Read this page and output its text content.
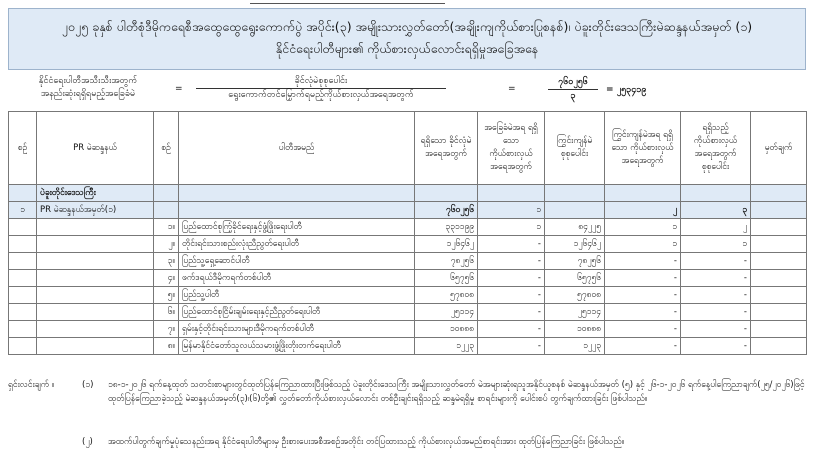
၂၀၂၅ ခုနှစ် ပါတီစုံဒီမိုကရေစီအထွေထွေရွေးကောက်ပွဲ အပိုင်း(၃) အမျိုးသားလွှတ်တော်(အချိုးကျကိုယ်စားပြုစနစ်)၊ ပဲခူးတိုင်းဒေသကြီးမဲဆန္ဒနယ်အမှတ် (၁)
နိုင်ငံရေးပါတီများ၏ ကိုယ်စားလှယ်လောင်းရရှိမှုအခြေအနေ
နိုင်ငံရေးပါတီအသီးသီးအတွက်
အနည်းဆုံးရရှိရမည့်အခြေခံမဲ	=
ခိုင်လုံမဲစုစုပေါင်း
ရွေးကောက်တင်မြှောက်ရမည့်ကိုယ်စားလှယ်အရေအတွက်
=
၇၆၀၂၅၆
၃
= ၂၅၃၄၁၉
စဉ်	PR မဲဆန္ဒနယ်	စဉ်	ပါတီအမည်	ရရှိသော ခိုင်လုံမဲ အရေအတွက်	အခြေခံမဲအရ ရရှိသော ကိုယ်စားလှယ် အရေအတွက်	ကြွင်းကျန်မဲ စုစုပေါင်း	ကြွင်းကျန်မဲအရ ရရှိသော ကိုယ်စားလှယ် အရေအတွက်	ရရှိသည့် ကိုယ်စားလှယ် အရေအတွက် စုစုပေါင်း	မှတ်ချက်
	ပဲခူးတိုင်းဒေသကြီး								
၁	PR မဲဆန္ဒနယ်အမှတ်(၁)			၇၆၀၂၅၆	၁		၂	၃	
		၁။	ပြည်ထောင်စုကြံ့ခိုင်ရေးနှင့်ဖွံ့ဖြိုးရေးပါတီ	၃၃၁၁၉၉	၁	၈၄၂၂၅	၁	၂	
		၂။	တိုင်းရင်းသားစည်းလုံးညီညွတ်ရေးပါတီ	၁၂၆၄၆၂	-	၁၂၆၄၆၂	၁	၁	
		၃။	ပြည်သူ့ရှေ့ဆောင်ပါတီ	၇၈၂၅၆	-	၇၈၂၅၆	-	-	
		၄။	ဖက်ဒရယ်ဒီမိုကရက်တစ်ပါတီ	၆၅၇၅၆	-	၆၅၇၅၆	-	-	
		၅။	ပြည်သူ့ပါတီ	၅၇၈၀၈	-	၅၇၈၀၈	-	-	
		၆။	ပြည်ထောင်စုငြိမ်းချမ်းရေးနှင့်ညီညွတ်ရေးပါတီ	၂၅၁၁၄	-	၂၅၁၁၄	-	-	
		၇။	ရှမ်းနှင့်တိုင်းရင်းသားများဒီမိုကရက်တစ်ပါတီ	၁၀၈၈၈	-	၁၀၈၈၈	-	-	
		၈။	မြန်မာနိုင်ငံတော်သူလယ်သမားဖွံ့ဖြိုးတိုးတက်ရေးပါတီ	၁၂၂၃	-	၁၂၂၃	-	-	
ရှင်းလင်းချက် ။	(၁) ၁၈-၁-၂၀၂၆ ရက်နေ့ထုတ် သတင်းစာများတွင်ထုတ်ပြန်ကြေညာထားပြီးဖြစ်သည့် ပဲခူးတိုင်းဒေသကြီး အမျိုးသားလွှတ်တော် မဲအများဆုံးရသူအနိုင်ယူစနစ် မဲဆန္ဒနယ်အမှတ် (၅) နှင့် ၂၆-၁-၂၀၂၆ ရက်နေ့ပါကြေညာချက်(၂၅/၂၀၂၆)ဖြင့် ထုတ်ပြန်ကြေညာခဲ့သည့် မဲဆန္ဒနယ်အမှတ်(၃)၊(၆)တို့၏ လွှတ်တော်ကိုယ်စားလှယ်လောင်း တစ်ဦးချင်းရရှိသည့် ဆန္ဒမဲရရှိမှု စာရင်းများကို ပေါင်းစပ် တွက်ချက်ထားခြင်း ဖြစ်ပါသည်။
(၂) အထက်ပါတွက်ချက်မှုပုံသေနည်းအရ နိုင်ငံရေးပါတီများမှ ဦးစားပေးအစီအစဉ်အတိုင်း တင်ပြထားသည့် ကိုယ်စားလှယ်အမည်စာရင်းအား ထုတ်ပြန်ကြေညာခြင်း ဖြစ်ပါသည်။
